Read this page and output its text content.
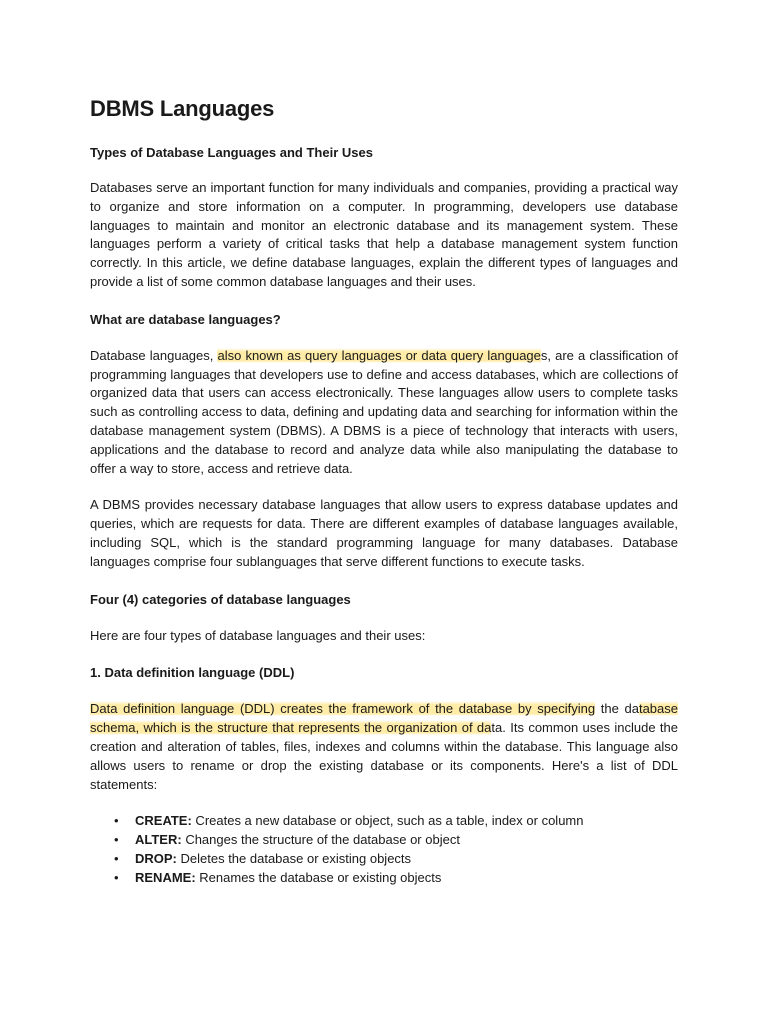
DBMS Languages
Types of Database Languages and Their Uses

Databases serve an important function for many individuals and companies, providing a practical way to organize and store information on a computer. In programming, developers use database languages to maintain and monitor an electronic database and its management system. These languages perform a variety of critical tasks that help a database management system function correctly. In this article, we define database languages, explain the different types of languages and provide a list of some common database languages and their uses.

What are database languages?

Database languages, also known as query languages or data query languages, are a classification of programming languages that developers use to define and access databases, which are collections of organized data that users can access electronically. These languages allow users to complete tasks such as controlling access to data, defining and updating data and searching for information within the database management system (DBMS). A DBMS is a piece of technology that interacts with users, applications and the database to record and analyze data while also manipulating the database to offer a way to store, access and retrieve data.

A DBMS provides necessary database languages that allow users to express database updates and queries, which are requests for data. There are different examples of database languages available, including SQL, which is the standard programming language for many databases. Database languages comprise four sublanguages that serve different functions to execute tasks.

Four (4) categories of database languages

Here are four types of database languages and their uses:

1. Data definition language (DDL)

Data definition language (DDL) creates the framework of the database by specifying the database schema, which is the structure that represents the organization of data. Its common uses include the creation and alteration of tables, files, indexes and columns within the database. This language also allows users to rename or drop the existing database or its components. Here's a list of DDL statements:

• CREATE: Creates a new database or object, such as a table, index or column
• ALTER: Changes the structure of the database or object
• DROP: Deletes the database or existing objects
• RENAME: Renames the database or existing objects
